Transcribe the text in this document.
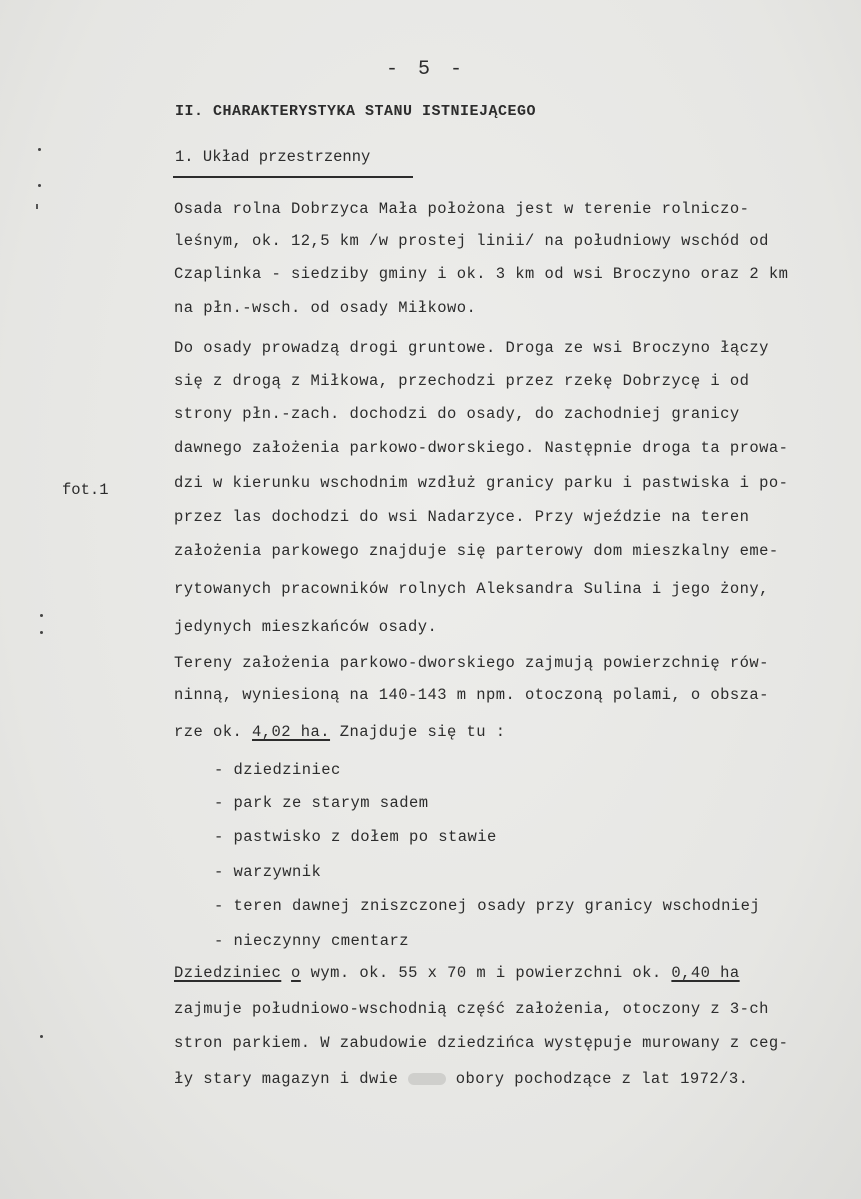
- 5 -
II. CHARAKTERYSTYKA STANU ISTNIEJĄCEGO
1. Układ przestrzenny
fot.1
Osada rolna Dobrzyca Mała położona jest w terenie rolniczo-
leśnym, ok. 12,5 km /w prostej linii/ na południowy wschód od
Czaplinka - siedziby gminy i ok. 3 km od wsi Broczyno oraz 2 km
na płn.-wsch. od osady Miłkowo.
Do osady prowadzą drogi gruntowe. Droga ze wsi Broczyno łączy
się z drogą z Miłkowa, przechodzi przez rzekę Dobrzycę i od
strony płn.-zach. dochodzi do osady, do zachodniej granicy
dawnego założenia parkowo-dworskiego. Następnie droga ta prowa-
dzi w kierunku wschodnim wzdłuż granicy parku i pastwiska i po-
przez las dochodzi do wsi Nadarzyce. Przy wjeździe na teren
założenia parkowego znajduje się parterowy dom mieszkalny eme-
rytowanych pracowników rolnych Aleksandra Sulina i jego żony,
jedynych mieszkańców osady.
Tereny założenia parkowo-dworskiego zajmują powierzchnię rów-
ninną, wyniesioną na 140-143 m npm. otoczoną polami, o obsza-
rze ok. 4,02 ha. Znajduje się tu :
- dziedziniec
- park ze starym sadem
- pastwisko z dołem po stawie
- warzywnik
- teren dawnej zniszczonej osady przy granicy wschodniej
- nieczynny cmentarz
Dziedziniec o wym. ok. 55 x 70 m i powierzchni ok. 0,40 ha
zajmuje południowo-wschodnią część założenia, otoczony z 3-ch
stron parkiem. W zabudowie dziedzińca występuje murowany z ceg-
ły stary magazyn i dwie  obory pochodzące z lat 1972/3.
